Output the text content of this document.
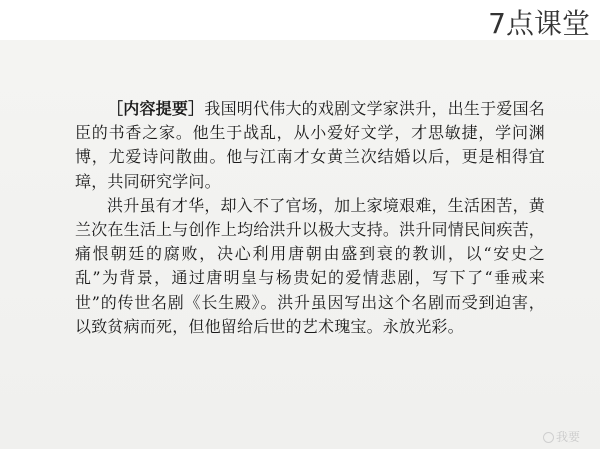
7点课堂

［内容提要］我国明代伟大的戏剧文学家洪升，出生于爱国名臣的书香之家。他生于战乱，从小爱好文学，才思敏捷，学问渊博，尤爱诗问散曲。他与江南才女黄兰次结婚以后，更是相得宜璋，共同研究学问。

洪升虽有才华，却入不了官场，加上家境艰难，生活困苦，黄兰次在生活上与创作上均给洪升以极大支持。洪升同情民间疾苦，痛恨朝廷的腐败，决心利用唐朝由盛到衰的教训，以“安史之乱”为背景，通过唐明皇与杨贵妃的爱情悲剧，写下了“垂戒来世”的传世名剧《长生殿》。洪升虽因写出这个名剧而受到迫害，以致贫病而死，但他留给后世的艺术瑰宝。永放光彩。

我要
